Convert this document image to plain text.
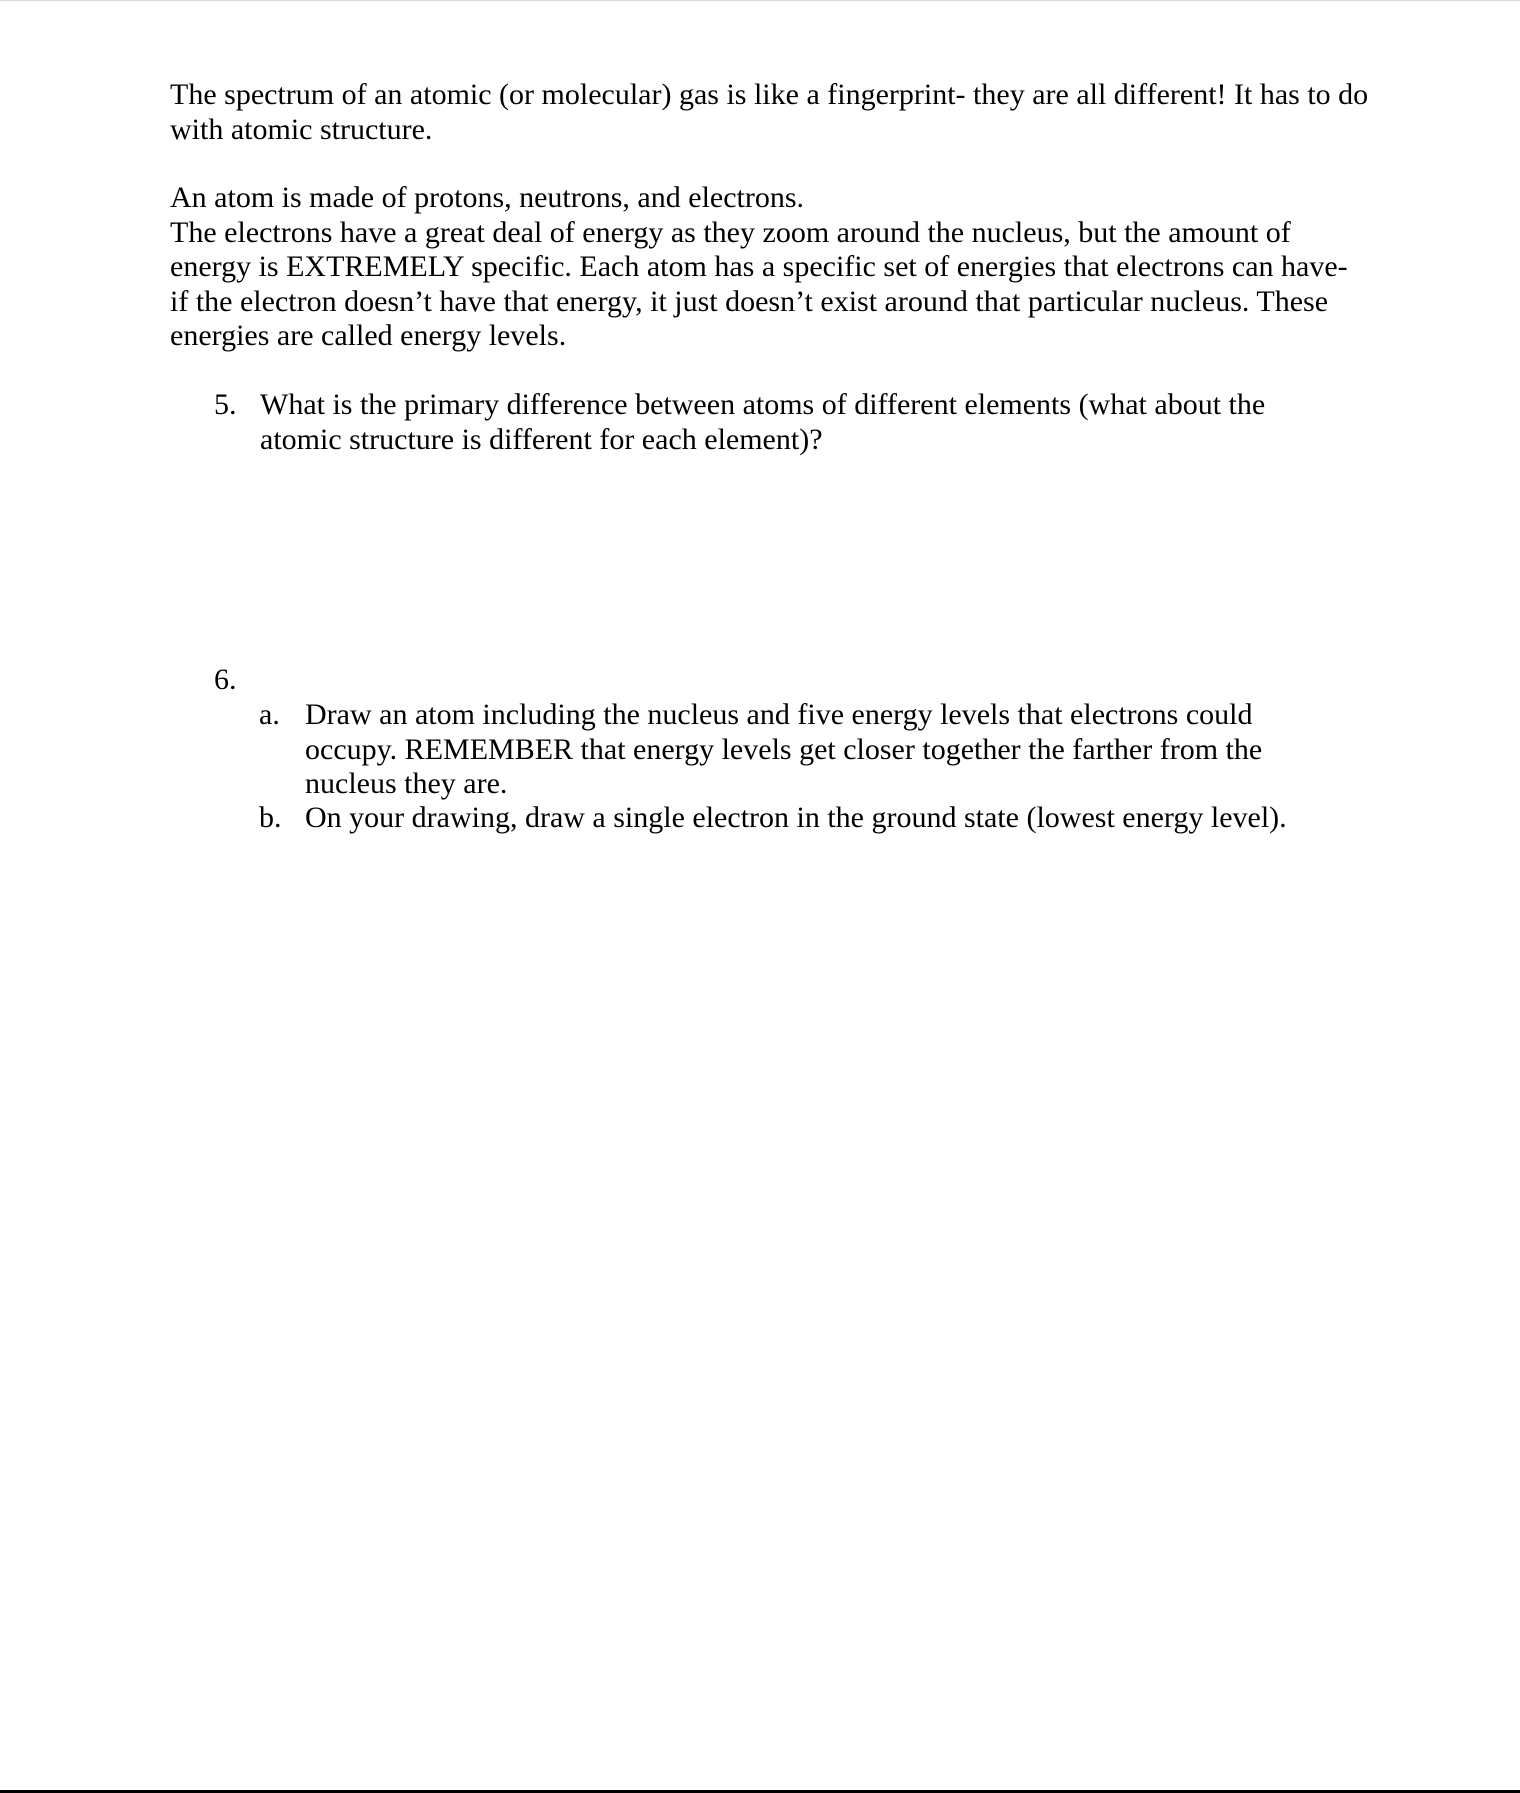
The spectrum of an atomic (or molecular) gas is like a fingerprint- they are all different! It has to do with atomic structure.

An atom is made of protons, neutrons, and electrons.
The electrons have a great deal of energy as they zoom around the nucleus, but the amount of energy is EXTREMELY specific. Each atom has a specific set of energies that electrons can have- if the electron doesn’t have that energy, it just doesn’t exist around that particular nucleus. These energies are called energy levels.
5. What is the primary difference between atoms of different elements (what about the atomic structure is different for each element)?
6.
a. Draw an atom including the nucleus and five energy levels that electrons could occupy. REMEMBER that energy levels get closer together the farther from the nucleus they are.
b. On your drawing, draw a single electron in the ground state (lowest energy level).
